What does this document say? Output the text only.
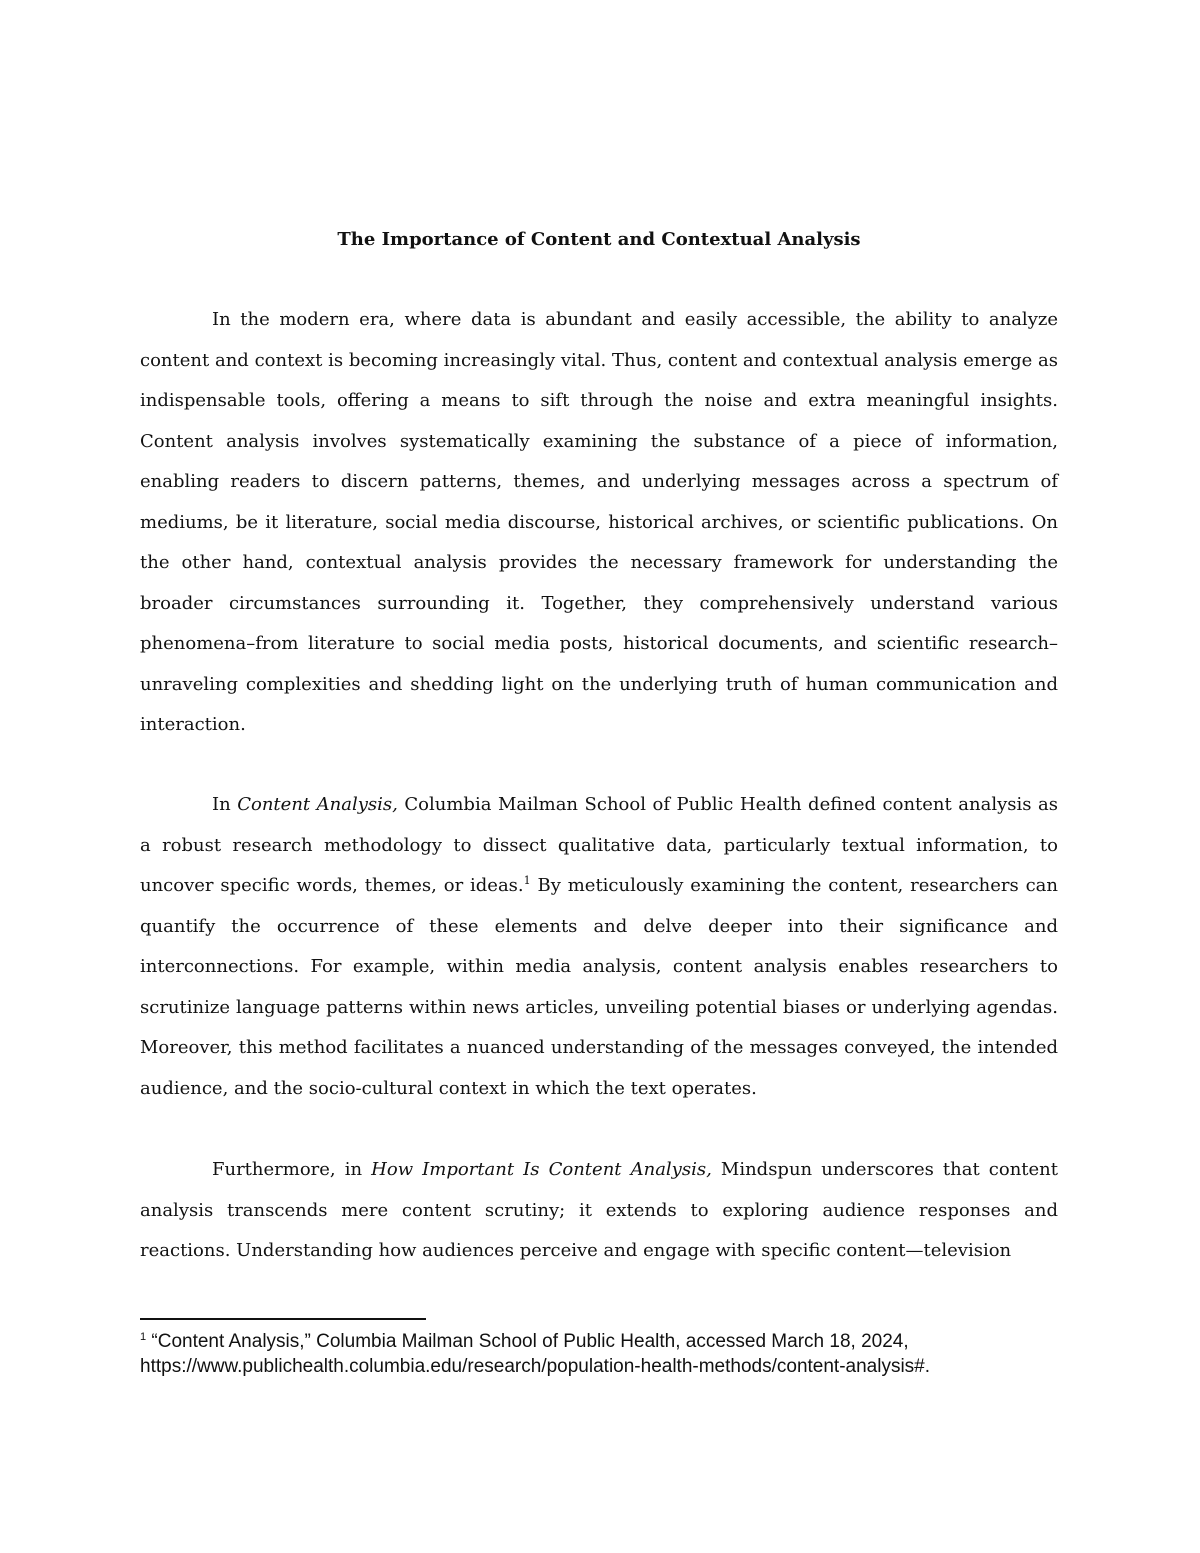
The Importance of Content and Contextual Analysis

In the modern era, where data is abundant and easily accessible, the ability to analyze content and context is becoming increasingly vital. Thus, content and contextual analysis emerge as indispensable tools, offering a means to sift through the noise and extra meaningful insights. Content analysis involves systematically examining the substance of a piece of information, enabling readers to discern patterns, themes, and underlying messages across a spectrum of mediums, be it literature, social media discourse, historical archives, or scientific publications. On the other hand, contextual analysis provides the necessary framework for understanding the broader circumstances surrounding it. Together, they comprehensively understand various phenomena–from literature to social media posts, historical documents, and scientific research–unraveling complexities and shedding light on the underlying truth of human communication and interaction.

In Content Analysis, Columbia Mailman School of Public Health defined content analysis as a robust research methodology to dissect qualitative data, particularly textual information, to uncover specific words, themes, or ideas.$^1$ By meticulously examining the content, researchers can quantify the occurrence of these elements and delve deeper into their significance and interconnections. For example, within media analysis, content analysis enables researchers to scrutinize language patterns within news articles, unveiling potential biases or underlying agendas. Moreover, this method facilitates a nuanced understanding of the messages conveyed, the intended audience, and the socio-cultural context in which the text operates.

Furthermore, in How Important Is Content Analysis, Mindspun underscores that content analysis transcends mere content scrutiny; it extends to exploring audience responses and reactions. Understanding how audiences perceive and engage with specific content—television

$^1$ “Content Analysis,” Columbia Mailman School of Public Health, accessed March 18, 2024,
https://www.publichealth.columbia.edu/research/population-health-methods/content-analysis#.
